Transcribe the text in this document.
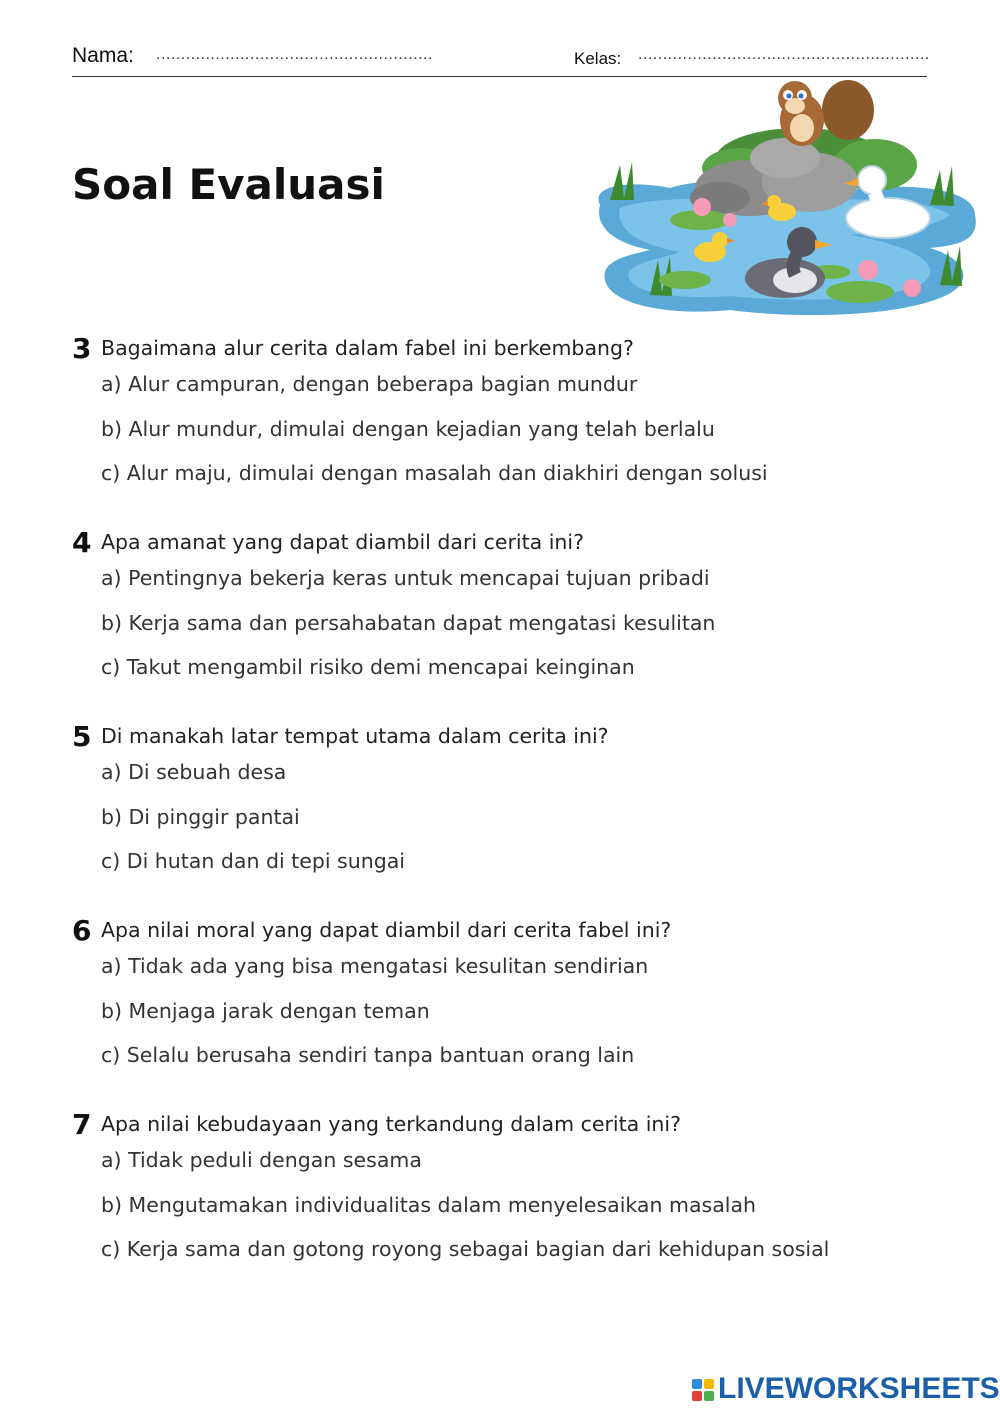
Nama: ........................................................	Kelas: ...........................................................
Soal Evaluasi
3 Bagaimana alur cerita dalam fabel ini berkembang?
a) Alur campuran, dengan beberapa bagian mundur
b) Alur mundur, dimulai dengan kejadian yang telah berlalu
c) Alur maju, dimulai dengan masalah dan diakhiri dengan solusi
4 Apa amanat yang dapat diambil dari cerita ini?
a) Pentingnya bekerja keras untuk mencapai tujuan pribadi
b) Kerja sama dan persahabatan dapat mengatasi kesulitan
c) Takut mengambil risiko demi mencapai keinginan
5 Di manakah latar tempat utama dalam cerita ini?
a) Di sebuah desa
b) Di pinggir pantai
c) Di hutan dan di tepi sungai
6 Apa nilai moral yang dapat diambil dari cerita fabel ini?
a) Tidak ada yang bisa mengatasi kesulitan sendirian
b) Menjaga jarak dengan teman
c) Selalu berusaha sendiri tanpa bantuan orang lain
7 Apa nilai kebudayaan yang terkandung dalam cerita ini?
a) Tidak peduli dengan sesama
b) Mengutamakan individualitas dalam menyelesaikan masalah
c) Kerja sama dan gotong royong sebagai bagian dari kehidupan sosial
LIVEWORKSHEETS
